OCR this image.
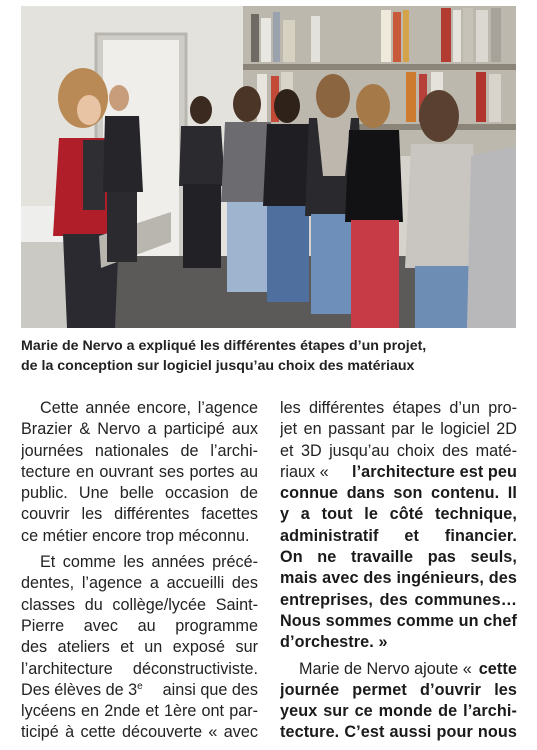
Marie de Nervo a expliqué les différentes étapes d’un projet,
de la conception sur logiciel jusqu’au choix des matériaux
Cette année encore, l’agence
Brazier & Nervo a participé aux
journées nationales de l’archi-
tecture en ouvrant ses portes au
public. Une belle occasion de
couvrir les différentes facettes
ce métier encore trop méconnu.
Et comme les années précé-
dentes, l’agence a accueilli des
classes du collège/lycée Saint-
Pierre avec au programme
des ateliers et un exposé sur
l’architecture déconstructiviste.
Des élèves de 3e ainsi que des
lycéens en 2nde et 1ère ont par-
ticipé à cette découverte « avec
les différentes étapes d’un pro-
jet en passant par le logiciel 2D
et 3D jusqu’au choix des maté-
riaux « l’architecture est peu
connue dans son contenu. Il
y a tout le côté technique,
administratif et financier.
On ne travaille pas seuls,
mais avec des ingénieurs, des
entreprises, des communes…
Nous sommes comme un chef
d’orchestre. »
Marie de Nervo ajoute « cette
journée permet d’ouvrir les
yeux sur ce monde de l’archi-
tecture. C’est aussi pour nous
